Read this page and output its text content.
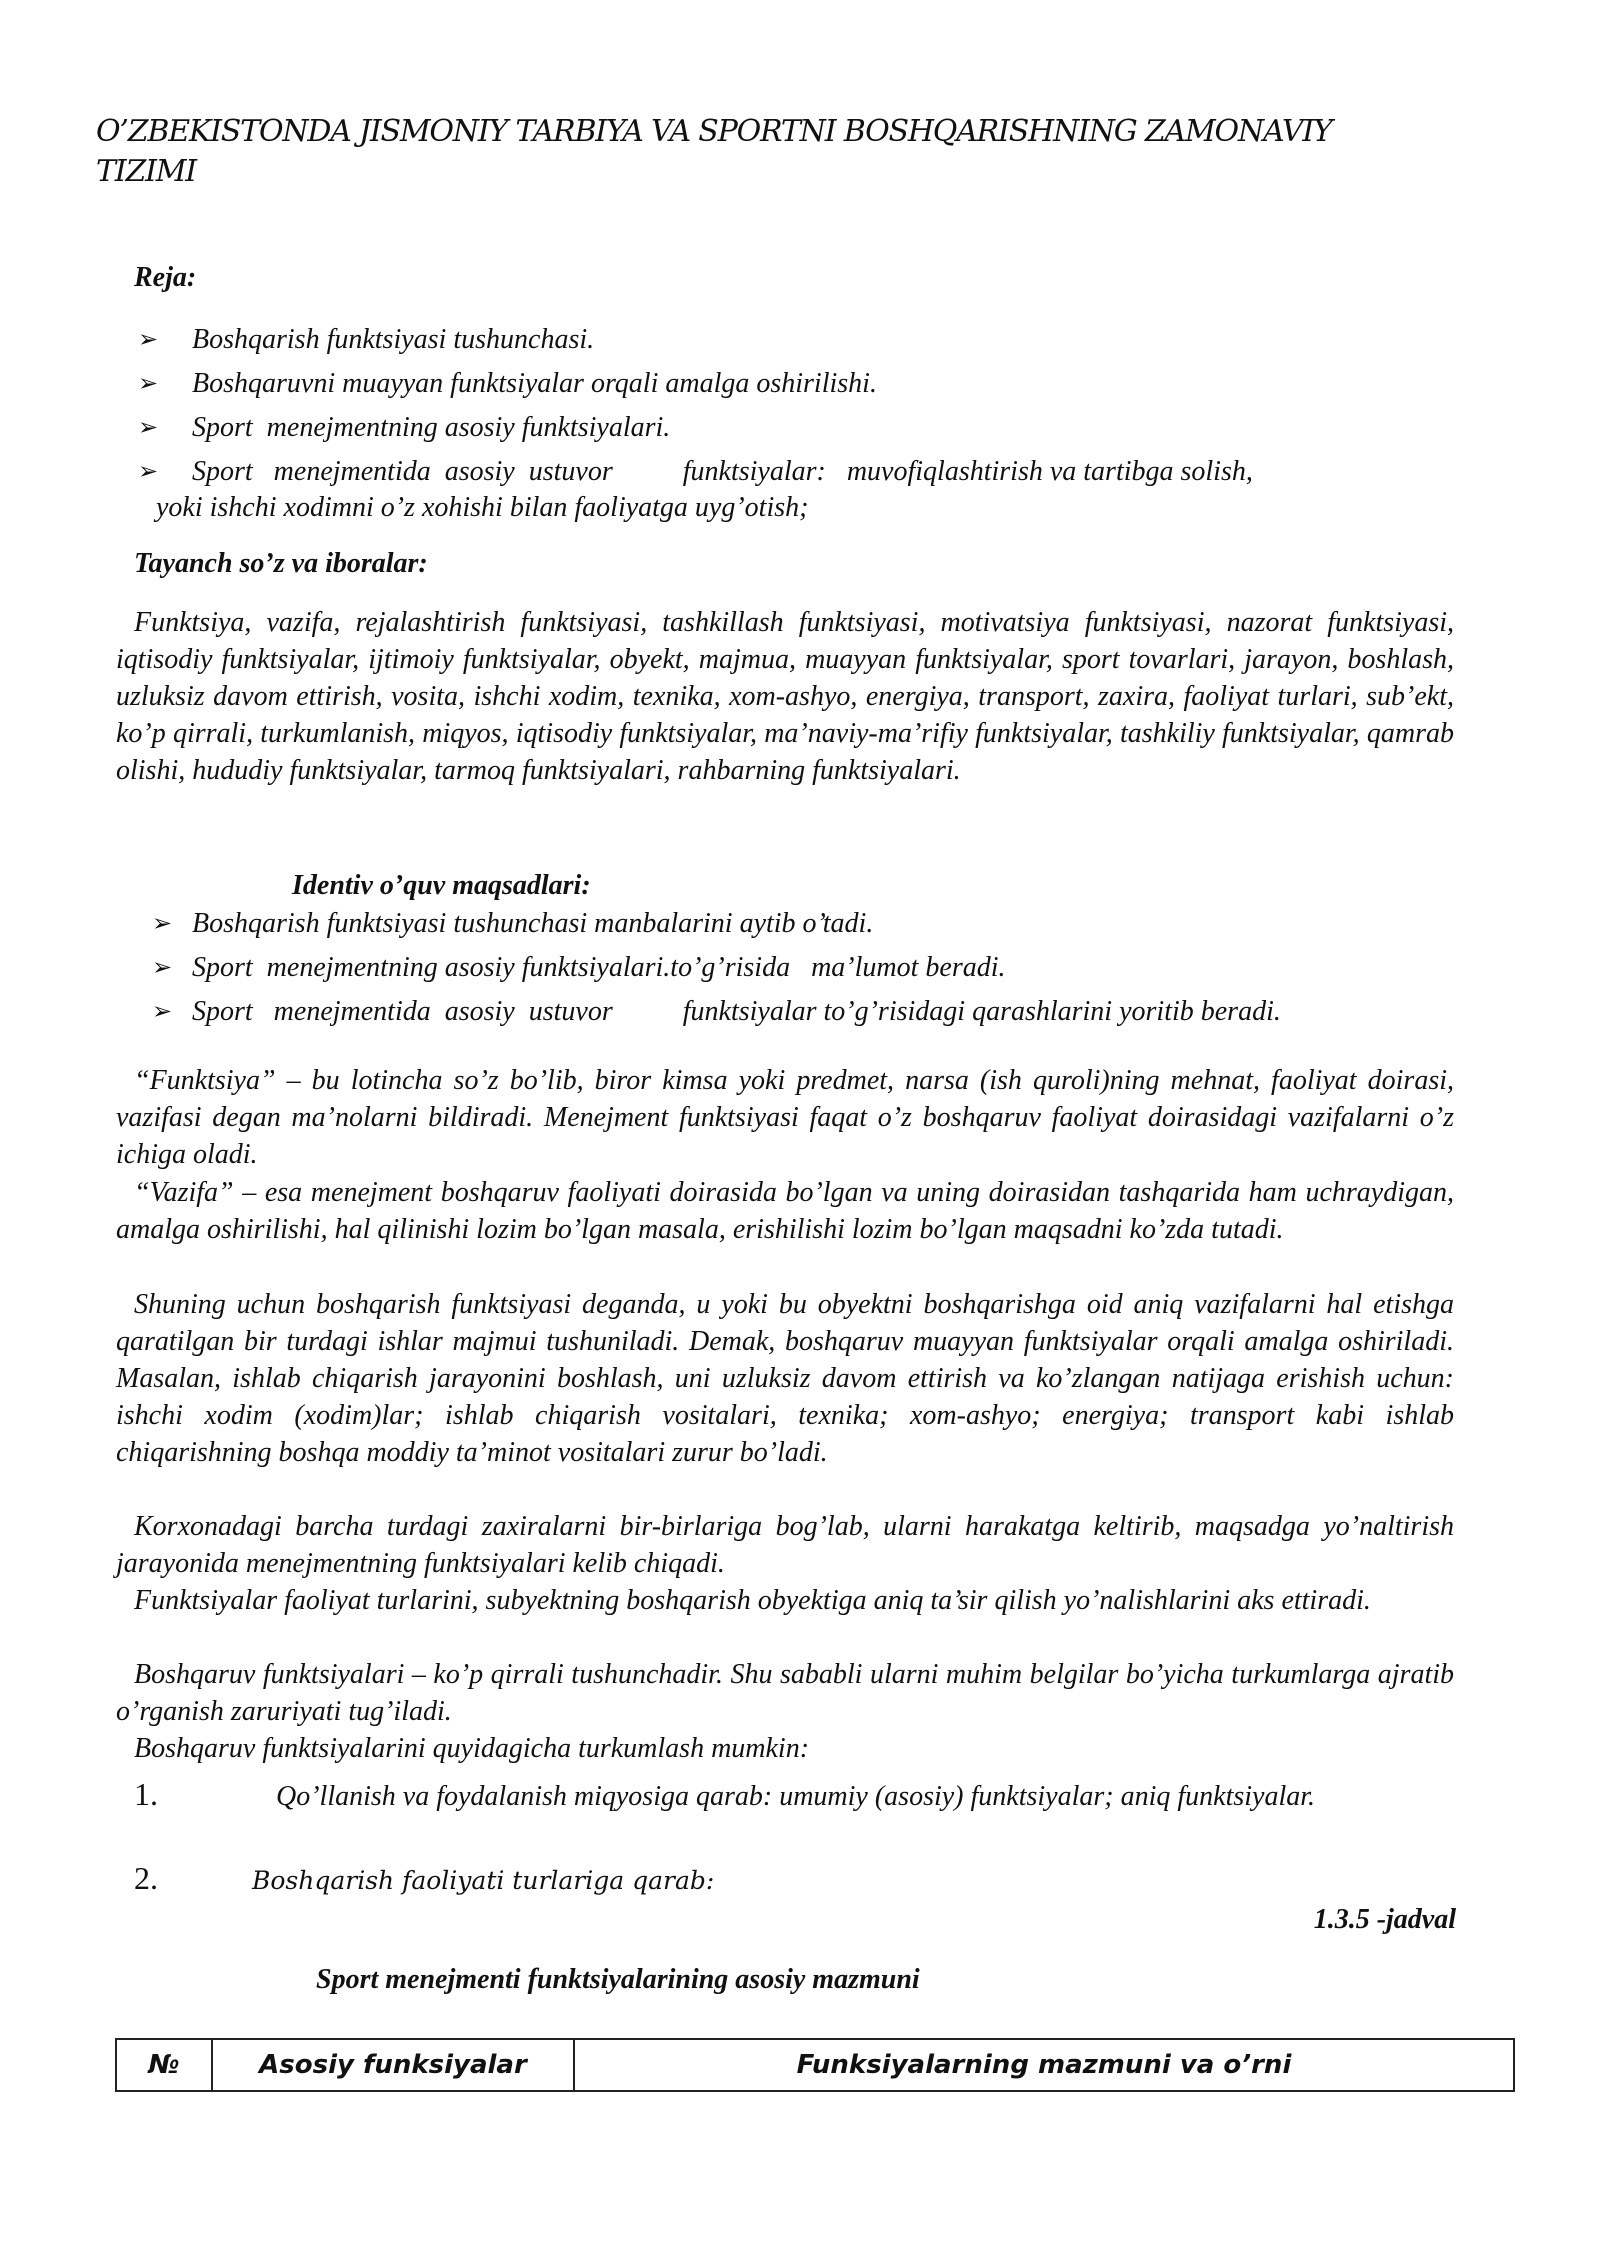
O’ZBEKISTONDA JISMONIY TARBIYA VA SPORTNI BOSHQARISHNING ZAMONAVIY TIZIMI
Reja:
➢ Boshqarish funktsiyasi tushunchasi.
➢ Boshqaruvni muayyan funktsiyalar orqali amalga oshirilishi.
➢ Sport  menejmentning asosiy funktsiyalari.
➢ Sport   menejmentida  asosiy  ustuvor          funktsiyalar:   muvofiqlashtirish va tartibga solish,
yoki ishchi xodimni o’z xohishi bilan faoliyatga uyg’otish;
Tayanch so’z va iboralar:
Funktsiya, vazifa, rejalashtirish funktsiyasi, tashkillash funktsiyasi, motivatsiya funktsiyasi, nazorat funktsiyasi, iqtisodiy funktsiyalar, ijtimoiy funktsiyalar, obyekt, majmua, muayyan funktsiyalar, sport tovarlari, jarayon, boshlash, uzluksiz davom ettirish, vosita, ishchi xodim, texnika, xom-ashyo, energiya, transport, zaxira, faoliyat turlari, sub’ekt, ko’p qirrali, turkumlanish, miqyos, iqtisodiy funktsiyalar, ma’naviy-ma’rifiy funktsiyalar, tashkiliy funktsiyalar, qamrab olishi, hududiy funktsiyalar, tarmoq funktsiyalari, rahbarning funktsiyalari.
Identiv o’quv maqsadlari:
➢ Boshqarish funktsiyasi tushunchasi manbalarini aytib o’tadi.
➢ Sport  menejmentning asosiy funktsiyalari.to’g’risida   ma’lumot beradi.
➢ Sport   menejmentida  asosiy  ustuvor          funktsiyalar to’g’risidagi qarashlarini yoritib beradi.
“Funktsiya” – bu lotincha so’z bo’lib, biror kimsa yoki predmet, narsa (ish quroli)ning mehnat, faoliyat doirasi, vazifasi degan ma’nolarni bildiradi. Menejment funktsiyasi faqat o’z boshqaruv faoliyat doirasidagi vazifalarni o’z ichiga oladi.
“Vazifa” – esa menejment boshqaruv faoliyati doirasida bo’lgan va uning doirasidan tashqarida ham uchraydigan, amalga oshirilishi, hal qilinishi lozim bo’lgan masala, erishilishi lozim bo’lgan maqsadni ko’zda tutadi.
Shuning uchun boshqarish funktsiyasi deganda, u yoki bu obyektni boshqarishga oid aniq vazifalarni hal etishga qaratilgan bir turdagi ishlar majmui tushuniladi. Demak, boshqaruv muayyan funktsiyalar orqali amalga oshiriladi. Masalan, ishlab chiqarish jarayonini boshlash, uni uzluksiz davom ettirish va ko’zlangan natijaga erishish uchun: ishchi xodim (xodim)lar; ishlab chiqarish vositalari, texnika; xom-ashyo; energiya; transport kabi ishlab chiqarishning boshqa moddiy ta’minot vositalari zurur bo’ladi.
Korxonadagi barcha turdagi zaxiralarni bir-birlariga bog’lab, ularni harakatga keltirib, maqsadga yo’naltirish jarayonida menejmentning funktsiyalari kelib chiqadi.
Funktsiyalar faoliyat turlarini, subyektning boshqarish obyektiga aniq ta’sir qilish yo’nalishlarini aks ettiradi.
Boshqaruv funktsiyalari – ko’p qirrali tushunchadir. Shu sababli ularni muhim belgilar bo’yicha turkumlarga ajratib o’rganish zaruriyati tug’iladi.
Boshqaruv funktsiyalarini quyidagicha turkumlash mumkin:
1.	Qo’llanish va foydalanish miqyosiga qarab: umumiy (asosiy) funktsiyalar; aniq funktsiyalar.
2.	Boshqarish faoliyati turlariga qarab:
1.3.5 -jadval
Sport menejmenti funktsiyalarining asosiy mazmuni
№	Asosiy funksiyalar	Funksiyalarning mazmuni va o’rni
